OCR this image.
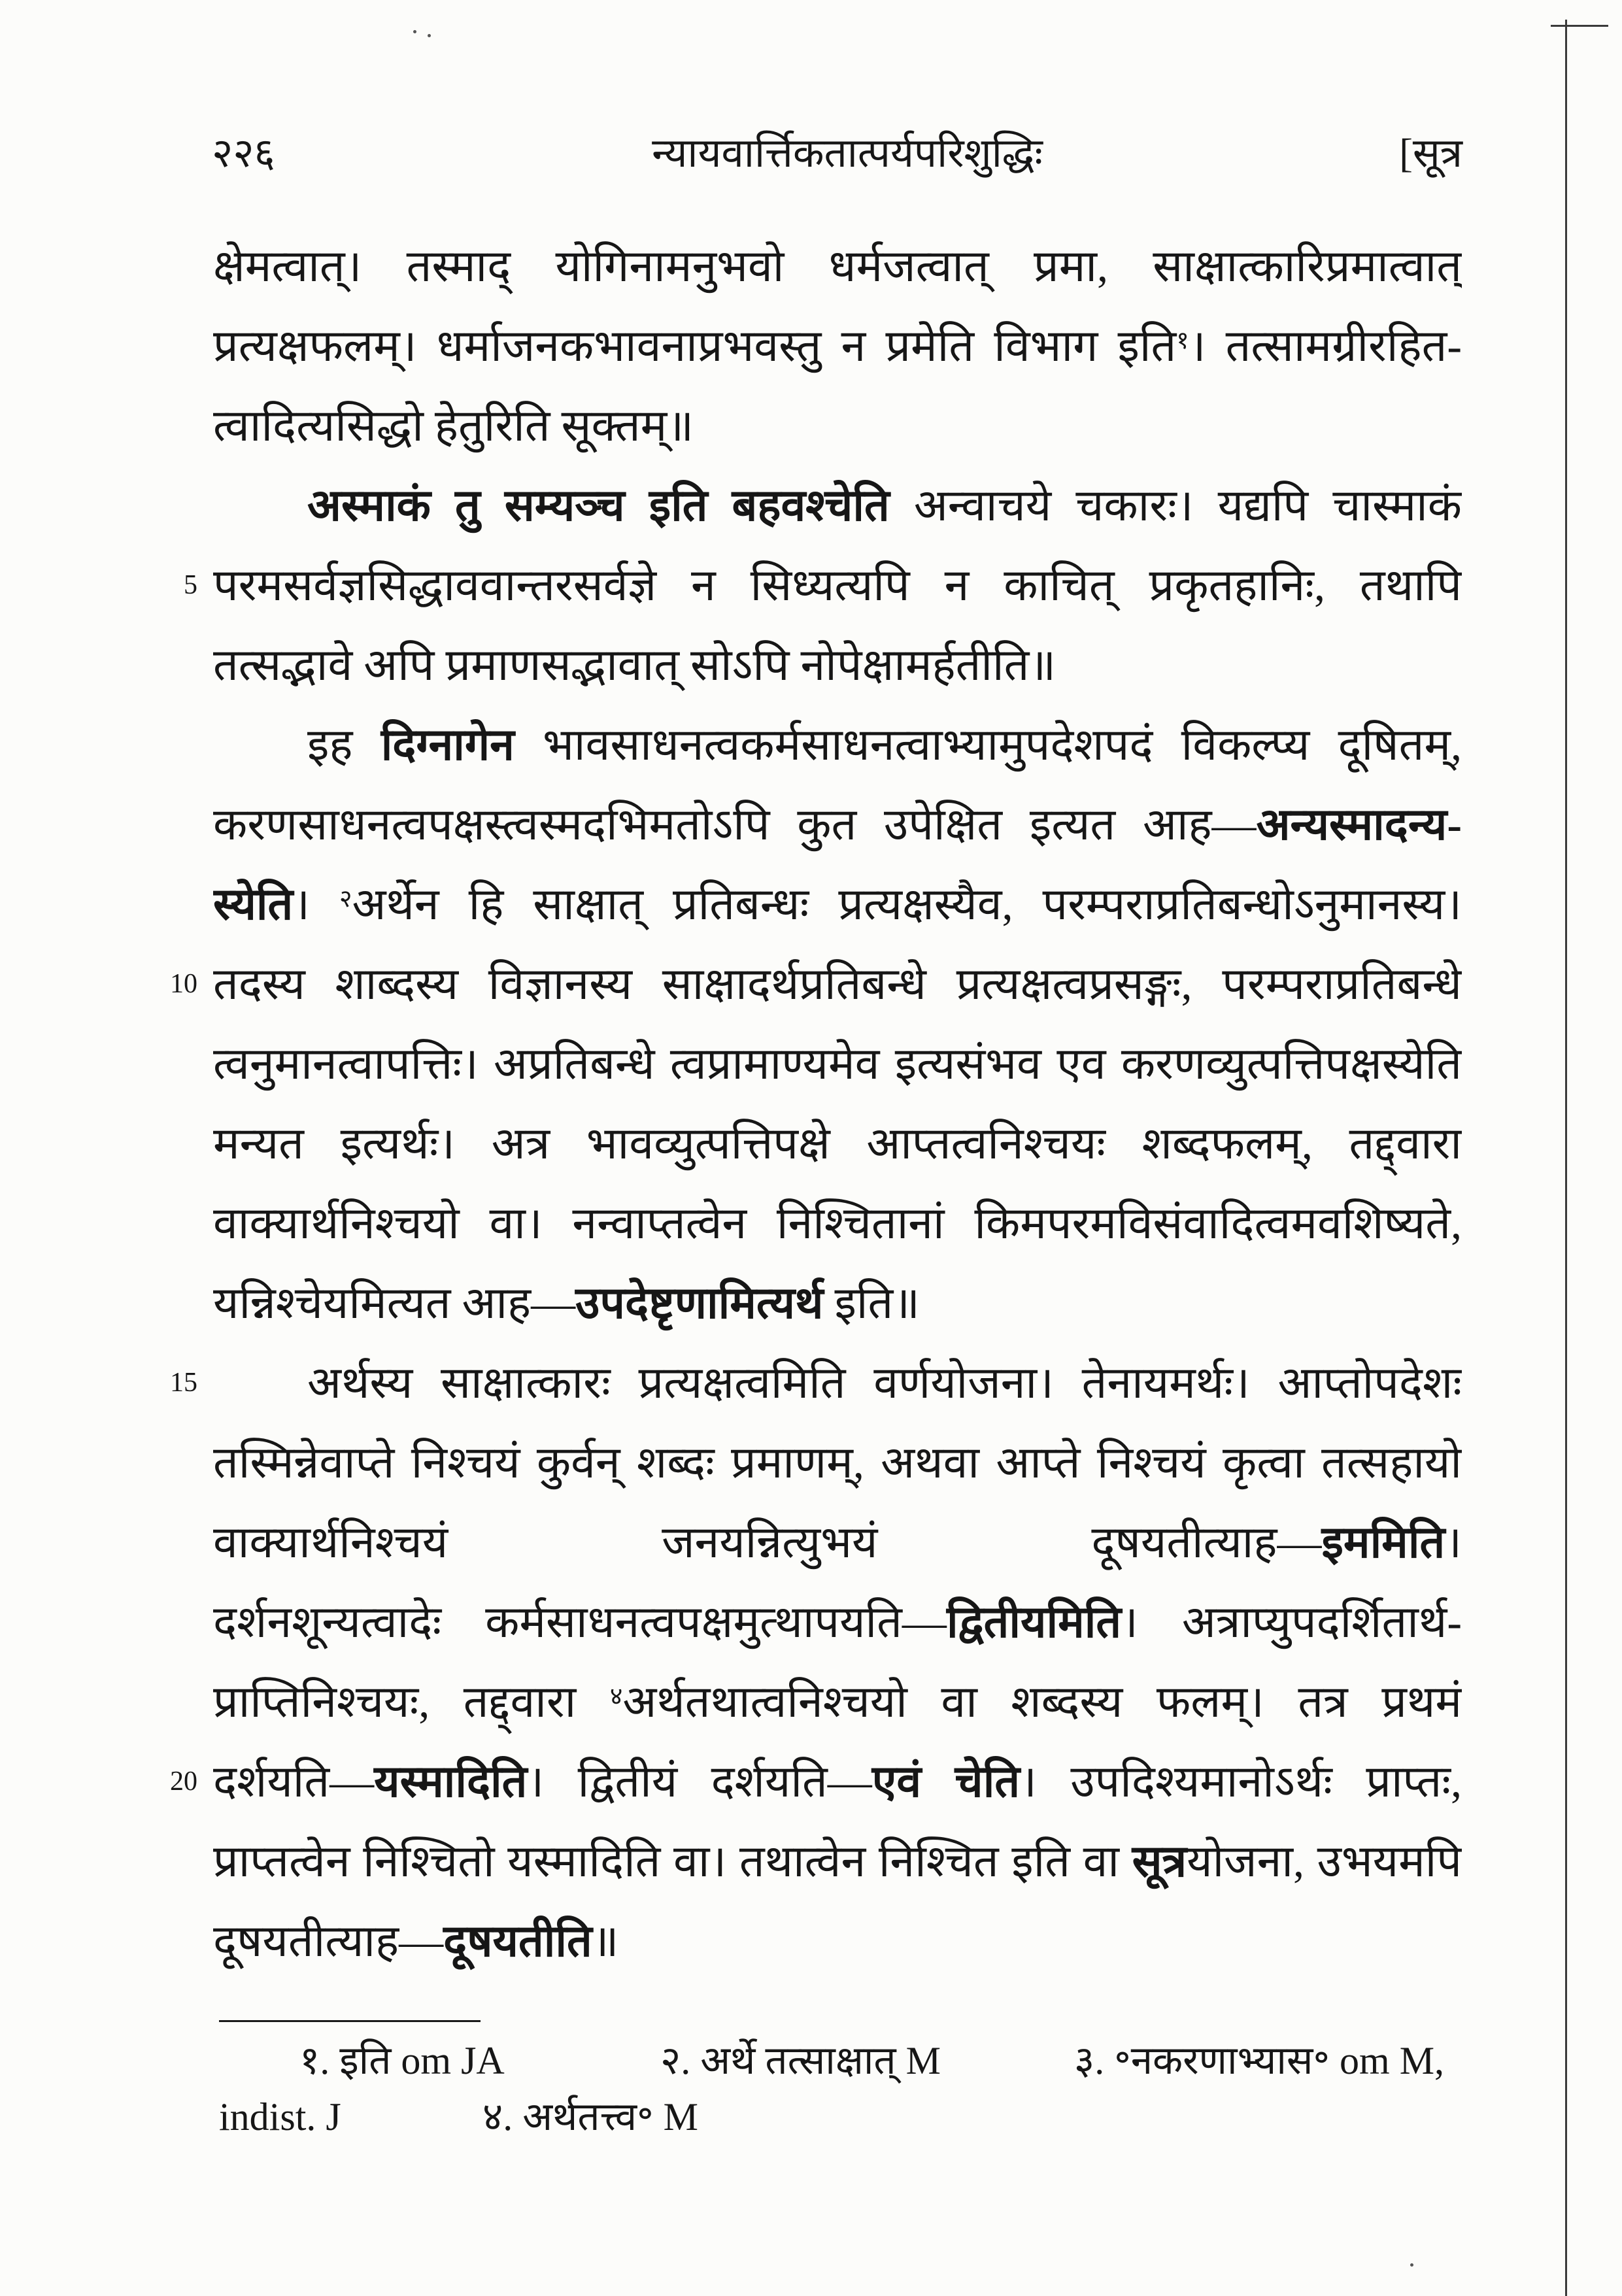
२२६	न्यायवार्त्तिकतात्पर्यपरिशुद्धिः	[सूत्र
5
10
15
20
क्षेमत्वात्। तस्माद् योगिनामनुभवो धर्मजत्वात् प्रमा, साक्षात्कारिप्रमात्वात्
प्रत्यक्षफलम्। धर्माजनकभावनाप्रभवस्तु न प्रमेति विभाग इति$^१$। तत्सामग्रीरहित-
त्वादित्यसिद्धो हेतुरिति सूक्तम्॥
अस्माकं तु सम्यञ्च इति बहवश्चेति अन्वाचये चकारः। यद्यपि चास्माकं
परमसर्वज्ञसिद्धाववान्तरसर्वज्ञे न सिध्यत्यपि न काचित् प्रकृतहानिः, तथापि
तत्सद्भावे अपि प्रमाणसद्भावात् सोऽपि नोपेक्षामर्हतीति॥
इह दिग्नागेन भावसाधनत्वकर्मसाधनत्वाभ्यामुपदेशपदं विकल्प्य दूषितम्,
करणसाधनत्वपक्षस्त्वस्मदभिमतोऽपि कुत उपेक्षित इत्यत आह—अन्यस्मादन्य-
स्येति। $^२$अर्थेन हि साक्षात् प्रतिबन्धः प्रत्यक्षस्यैव, परम्पराप्रतिबन्धोऽनुमानस्य।
तदस्य शाब्दस्य विज्ञानस्य साक्षादर्थप्रतिबन्धे प्रत्यक्षत्वप्रसङ्गः, परम्पराप्रतिबन्धे
त्वनुमानत्वापत्तिः। अप्रतिबन्धे त्वप्रामाण्यमेव इत्यसंभव एव करणव्युत्पत्तिपक्षस्येति
मन्यत इत्यर्थः। अत्र भावव्युत्पत्तिपक्षे आप्तत्वनिश्चयः शब्दफलम्, तद्द्वारा
वाक्यार्थनिश्चयो वा। नन्वाप्तत्वेन निश्चितानां किमपरमविसंवादित्वमवशिष्यते,
यन्निश्चेयमित्यत आह—उपदेष्टृणामित्यर्थ इति॥
अर्थस्य साक्षात्कारः प्रत्यक्षत्वमिति वर्णयोजना। तेनायमर्थः। आप्तोपदेशः
तस्मिन्नेवाप्ते निश्चयं कुर्वन् शब्दः प्रमाणम्, अथवा आप्ते निश्चयं कृत्वा तत्सहायो
वाक्यार्थनिश्चयं जनयन्नित्युभयं दूषयतीत्याह—इममिति।
दर्शनशून्यत्वादेः कर्मसाधनत्वपक्षमुत्थापयति—द्वितीयमिति। अत्राप्युपदर्शितार्थ-
प्राप्तिनिश्चयः, तद्द्वारा $^४$अर्थतथात्वनिश्चयो वा शब्दस्य फलम्। तत्र प्रथमं
दर्शयति—यस्मादिति। द्वितीयं दर्शयति—एवं चेति। उपदिश्यमानोऽर्थः प्राप्तः,
प्राप्तत्वेन निश्चितो यस्मादिति वा। तथात्वेन निश्चित इति वा सूत्रयोजना, उभयमपि
दूषयतीत्याह—दूषयतीति॥
१. इति om JA	२. अर्थे तत्साक्षात् M	३. ॰नकरणाभ्यास॰ om M,
indist. J	४. अर्थतत्त्व॰ M
